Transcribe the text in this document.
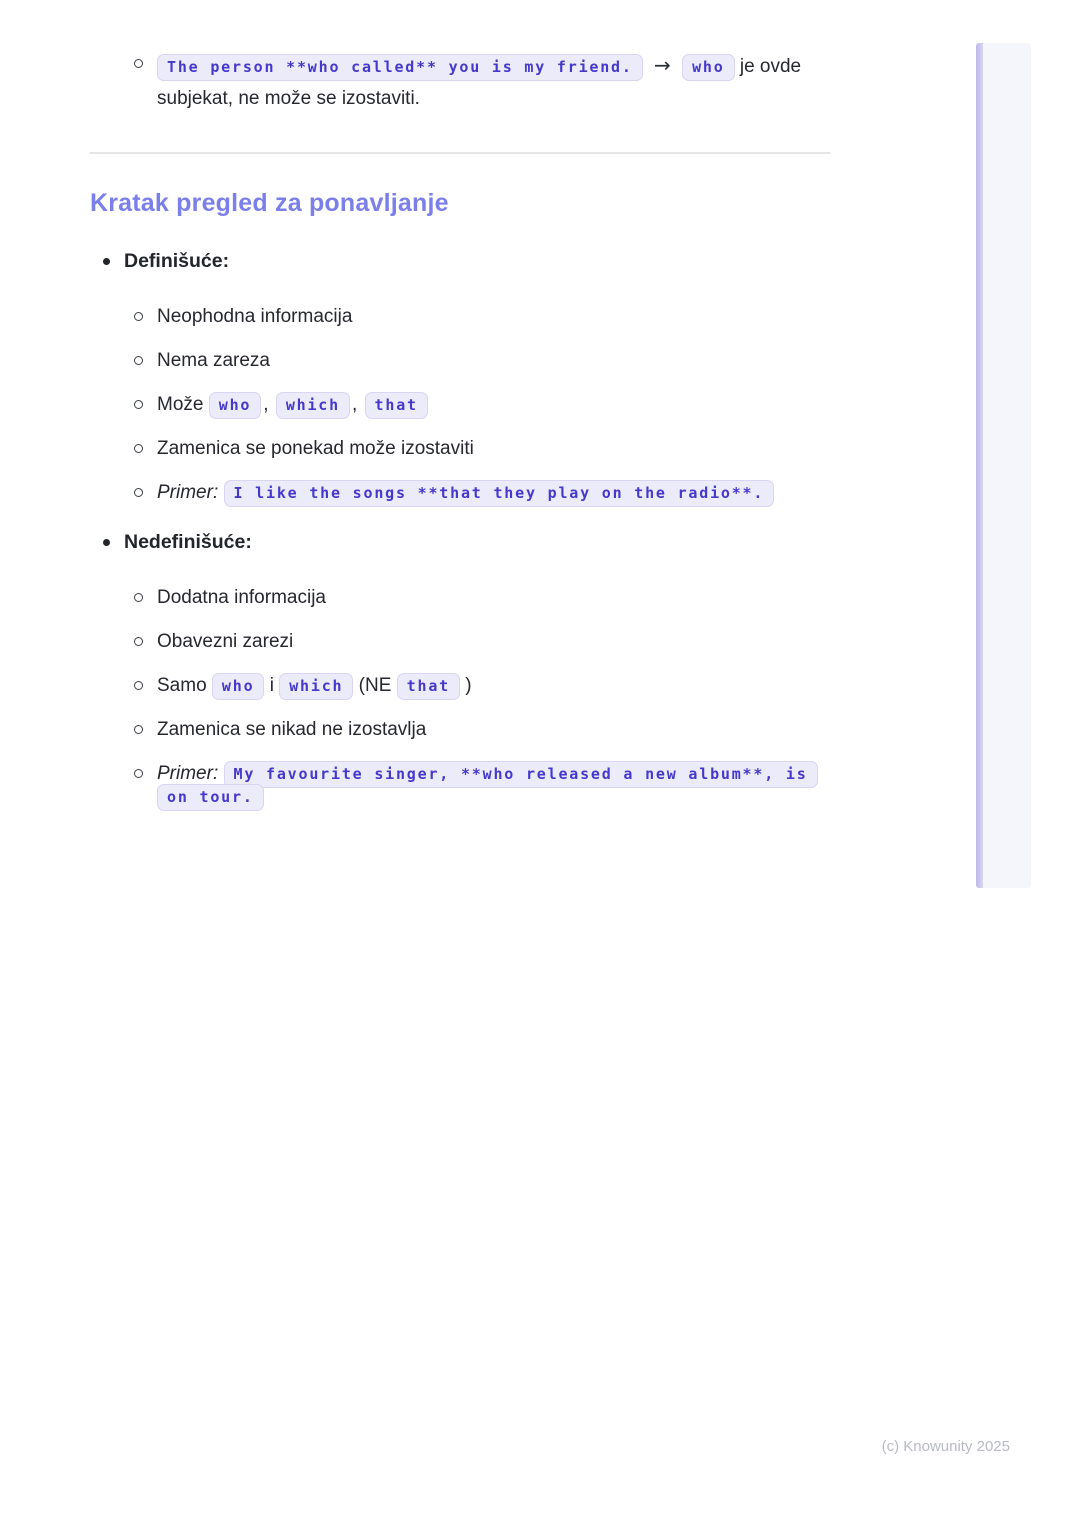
The person **who called** you is my friend. → who je ovde subjekat, ne može se izostaviti.
Kratak pregled za ponavljanje
Definišuće:
Neophodna informacija
Nema zareza
Može who , which , that
Zamenica se ponekad može izostaviti
Primer: I like the songs **that they play on the radio**.
Nedefinišuće:
Dodatna informacija
Obavezni zarezi
Samo who i which (NE that )
Zamenica se nikad ne izostavlja
Primer: My favourite singer, **who released a new album**, is on tour.
(c) Knowunity 2025
